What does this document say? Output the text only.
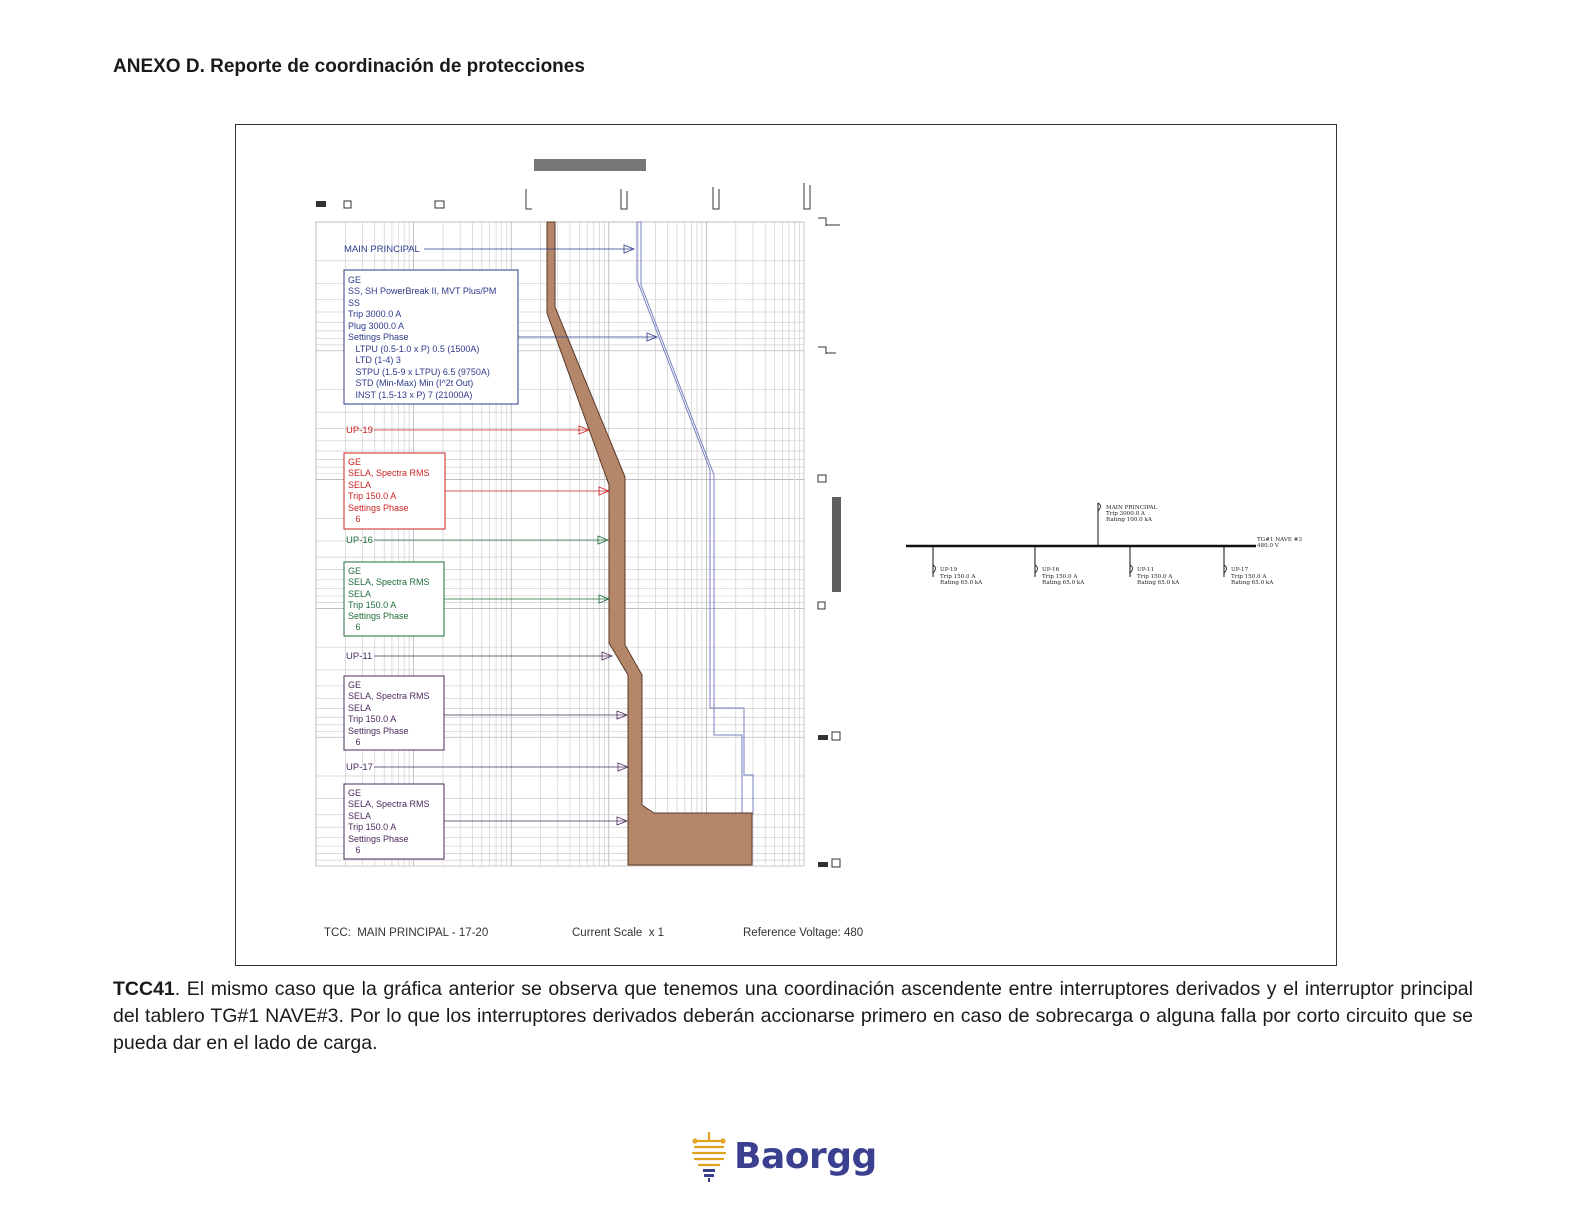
ANEXO D. Reporte de coordinación de protecciones
MAIN PRINCIPAL
UP-19
UP-16
UP-11
UP-17
GE SS, SH PowerBreak II, MVT Plus/PM SS Trip 3000.0 A Plug 3000.0 A Settings Phase    LTPU (0.5-1.0 x P) 0.5 (1500A)    LTD (1-4) 3    STPU (1.5-9 x LTPU) 6.5 (9750A)    STD (Min-Max) Min (I^2t Out)    INST (1.5-13 x P) 7 (21000A)
GE SELA, Spectra RMS SELA Trip 150.0 A Settings Phase    6
GE SELA, Spectra RMS SELA Trip 150.0 A Settings Phase    6
GE SELA, Spectra RMS SELA Trip 150.0 A Settings Phase    6
GE SELA, Spectra RMS SELA Trip 150.0 A Settings Phase    6
TG#1 NAVE #3
480.0 V
MAIN PRINCIPAL
Trip 3000.0 A
Rating 100.0 kA
UP-19
Trip 150.0 A
Rating 65.0 kA
UP-16
Trip 150.0 A
Rating 65.0 kA
UP-11
Trip 150.0 A
Rating 65.0 kA
UP-17
Trip 150.0 A
Rating 65.0 kA
TCC:  MAIN PRINCIPAL - 17-20	Current Scale  x 1	Reference Voltage: 480

TCC41. El mismo caso que la gráfica anterior se observa que tenemos una coordinación ascendente entre interruptores derivados y el interruptor principal del tablero TG#1 NAVE#3. Por lo que los interruptores derivados deberán accionarse primero en caso de sobrecarga o alguna falla por corto circuito que se pueda dar en el lado de carga.

Baorgg
